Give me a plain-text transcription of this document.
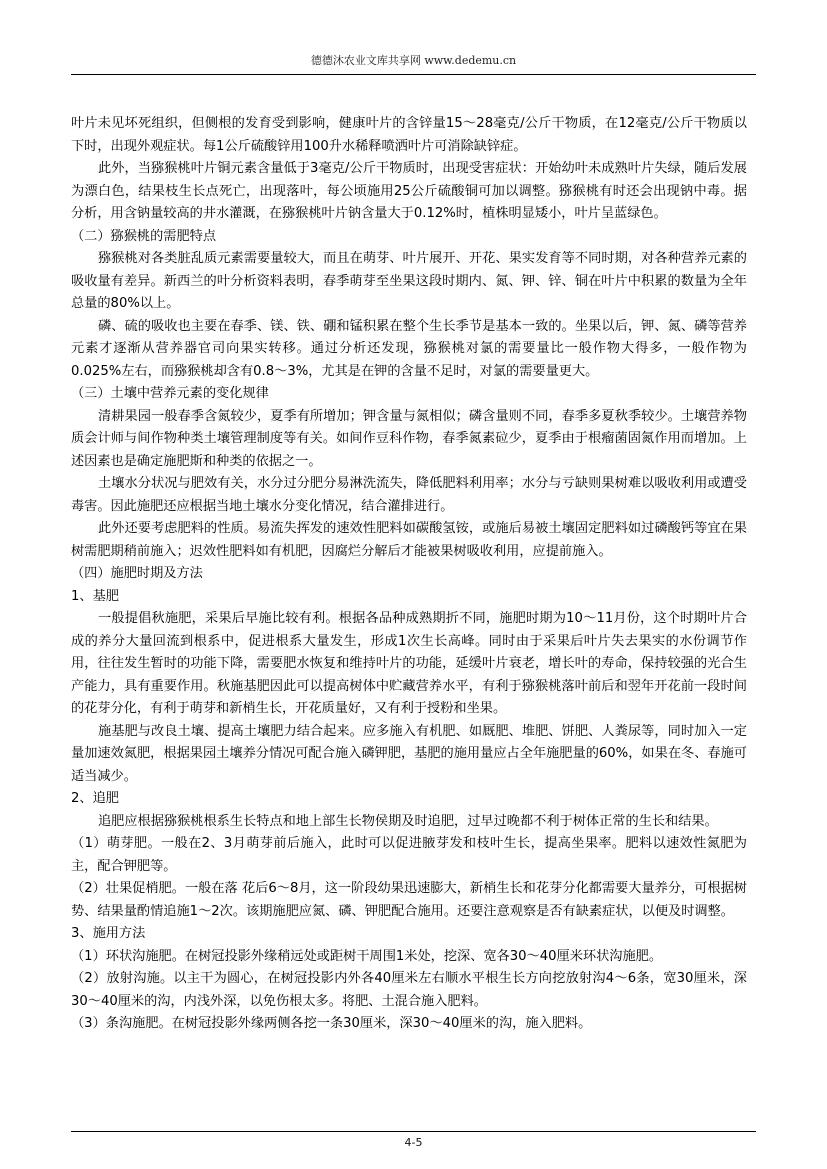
德德沐农业文库共享网 www.dedemu.cn

叶片未见坏死组织，但侧根的发育受到影响，健康叶片的含锌量15～28毫克/公斤干物质，在12毫克/公斤干物质以下时，出现外观症状。每1公斤硫酸锌用100升水稀释喷洒叶片可消除缺锌症。

此外，当猕猴桃叶片铜元素含量低于3毫克/公斤干物质时，出现受害症状：开始幼叶未成熟叶片失绿，随后发展为漂白色，结果枝生长点死亡，出现落叶，每公顷施用25公斤硫酸铜可加以调整。猕猴桃有时还会出现钠中毒。据分析，用含钠量较高的井水灌溉，在猕猴桃叶片钠含量大于0.12%时，植株明显矮小，叶片呈蓝绿色。

（二）猕猴桃的需肥特点

猕猴桃对各类脏乱质元素需要量较大，而且在萌芽、叶片展开、开花、果实发育等不同时期，对各种营养元素的吸收量有差异。新西兰的叶分析资料表明，春季萌芽至坐果这段时期内、氮、钾、锌、铜在叶片中积累的数量为全年总量的80%以上。

磷、硫的吸收也主要在春季、镁、铁、硼和锰积累在整个生长季节是基本一致的。坐果以后，钾、氮、磷等营养元素才逐渐从营养器官司向果实转移。通过分析还发现，猕猴桃对氯的需要量比一般作物大得多，一般作物为0.025%左右，而猕猴桃却含有0.8～3%，尤其是在钾的含量不足时，对氯的需要量更大。

（三）土壤中营养元素的变化规律

清耕果园一般春季含氮较少，夏季有所增加；钾含量与氮相似；磷含量则不同，春季多夏秋季较少。土壤营养物质会计师与间作物种类土壤管理制度等有关。如间作豆科作物，春季氮素砬少，夏季由于根瘤菌固氮作用而增加。上述因素也是确定施肥斯和种类的依据之一。

土壤水分状况与肥效有关，水分过分肥分易淋洗流失，降低肥料利用率；水分与亏缺则果树难以吸收利用或遭受毒害。因此施肥还应根据当地土壤水分变化情况，结合灌排进行。

此外还要考虑肥料的性质。易流失挥发的速效性肥料如碳酸氢铵，或施后易被土壤固定肥料如过磷酸钙等宜在果树需肥期稍前施入；迟效性肥料如有机肥，因腐烂分解后才能被果树吸收利用，应提前施入。

（四）施肥时期及方法

1、基肥

一般提倡秋施肥，采果后早施比较有利。根据各品种成熟期折不同，施肥时期为10～11月份，这个时期叶片合成的养分大量回流到根系中，促进根系大量发生，形成1次生长高峰。同时由于采果后叶片失去果实的水份调节作用，往往发生暂时的功能下降，需要肥水恢复和维持叶片的功能，延缓叶片衰老，增长叶的寿命，保持较强的光合生产能力，具有重要作用。秋施基肥因此可以提高树体中贮藏营养水平，有利于猕猴桃落叶前后和翌年开花前一段时间的花芽分化，有利于萌芽和新梢生长，开花质量好，又有利于授粉和坐果。

施基肥与改良土壤、提高土壤肥力结合起来。应多施入有机肥、如厩肥、堆肥、饼肥、人粪尿等，同时加入一定量加速效氮肥，根据果园土壤养分情况可配合施入磷钾肥，基肥的施用量应占全年施肥量的60%，如果在冬、春施可适当减少。

2、追肥

追肥应根据猕猴桃根系生长特点和地上部生长物侯期及时追肥，过早过晚都不利于树体正常的生长和结果。

（1）萌芽肥。一般在2、3月萌芽前后施入，此时可以促进腋芽发和枝叶生长，提高坐果率。肥料以速效性氮肥为主，配合钾肥等。

（2）壮果促梢肥。一般在落 花后6～8月，这一阶段幼果迅速膨大，新梢生长和花芽分化都需要大量养分，可根据树势、结果量酌情追施1～2次。该期施肥应氮、磷、钾肥配合施用。还要注意观察是否有缺素症状，以便及时调整。

3、施用方法

（1）环状沟施肥。在树冠投影外缘稍远处或距树干周围1米处，挖深、宽各30～40厘米环状沟施肥。

（2）放射沟施。以主干为圆心，在树冠投影内外各40厘米左右顺水平根生长方向挖放射沟4～6条，宽30厘米，深30～40厘米的沟，内浅外深，以免伤根太多。将肥、土混合施入肥料。

（3）条沟施肥。在树冠投影外缘两侧各挖一条30厘米，深30～40厘米的沟，施入肥料。

4-5
